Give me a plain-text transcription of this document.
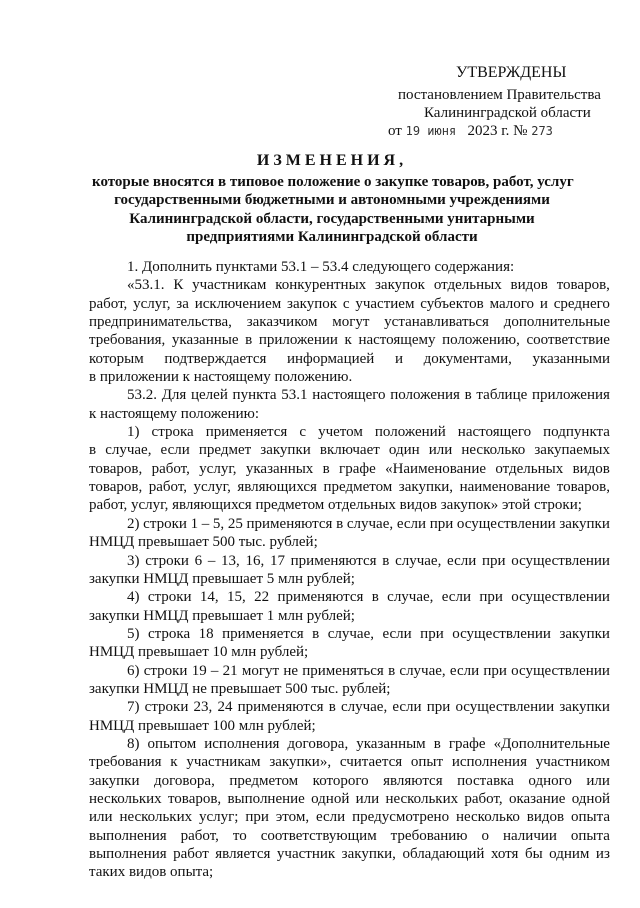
УТВЕРЖДЕНЫ
постановлением Правительства
Калининградской области
от 19 июня 2023 г. № 273
ИЗМЕНЕНИЯ,
которые вносятся в типовое положение о закупке товаров, работ, услуг
государственными бюджетными и автономными учреждениями
Калининградской области, государственными унитарными
предприятиями Калининградской области
1. Дополнить пунктами 53.1 – 53.4 следующего содержания:
«53.1. К участникам конкурентных закупок отдельных видов товаров,
работ, услуг, за исключением закупок с участием субъектов малого и среднего
предпринимательства, заказчиком могут устанавливаться дополнительные
требования, указанные в приложении к настоящему положению, соответствие
которым подтверждается информацией и документами, указанными
в приложении к настоящему положению.
53.2. Для целей пункта 53.1 настоящего положения в таблице приложения
к настоящему положению:
1) строка применяется с учетом положений настоящего подпункта
в случае, если предмет закупки включает один или несколько закупаемых
товаров, работ, услуг, указанных в графе «Наименование отдельных видов
товаров, работ, услуг, являющихся предметом закупки, наименование товаров,
работ, услуг, являющихся предметом отдельных видов закупок» этой строки;
2) строки 1 – 5, 25 применяются в случае, если при осуществлении закупки
НМЦД превышает 500 тыс. рублей;
3) строки 6 – 13, 16, 17 применяются в случае, если при осуществлении
закупки НМЦД превышает 5 млн рублей;
4) строки 14, 15, 22 применяются в случае, если при осуществлении
закупки НМЦД превышает 1 млн рублей;
5) строка 18 применяется в случае, если при осуществлении закупки
НМЦД превышает 10 млн рублей;
6) строки 19 – 21 могут не применяться в случае, если при осуществлении
закупки НМЦД не превышает 500 тыс. рублей;
7) строки 23, 24 применяются в случае, если при осуществлении закупки
НМЦД превышает 100 млн рублей;
8) опытом исполнения договора, указанным в графе «Дополнительные
требования к участникам закупки», считается опыт исполнения участником
закупки договора, предметом которого являются поставка одного или
нескольких товаров, выполнение одной или нескольких работ, оказание одной
или нескольких услуг; при этом, если предусмотрено несколько видов опыта
выполнения работ, то соответствующим требованию о наличии опыта
выполнения работ является участник закупки, обладающий хотя бы одним из
таких видов опыта;
